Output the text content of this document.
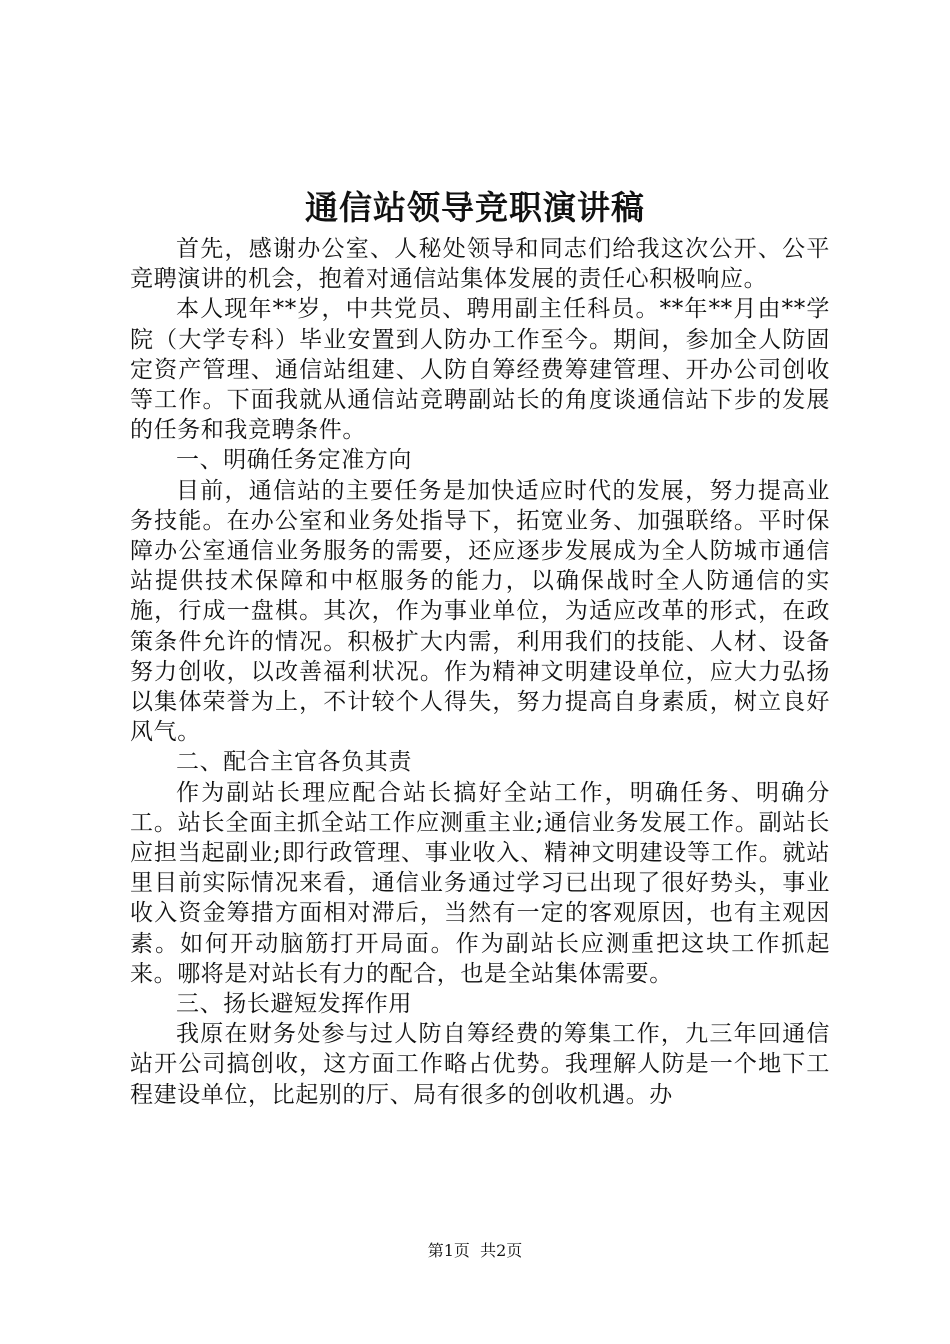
通信站领导竞职演讲稿

首先，感谢办公室、人秘处领导和同志们给我这次公开、公平竞聘演讲的机会，抱着对通信站集体发展的责任心积极响应。

本人现年**岁，中共党员、聘用副主任科员。**年**月由**学院（大学专科）毕业安置到人防办工作至今。期间，参加全人防固定资产管理、通信站组建、人防自筹经费筹建管理、开办公司创收等工作。下面我就从通信站竞聘副站长的角度谈通信站下步的发展的任务和我竞聘条件。

一、明确任务定准方向

目前，通信站的主要任务是加快适应时代的发展，努力提高业务技能。在办公室和业务处指导下，拓宽业务、加强联络。平时保障办公室通信业务服务的需要，还应逐步发展成为全人防城市通信站提供技术保障和中枢服务的能力，以确保战时全人防通信的实施，行成一盘棋。其次，作为事业单位，为适应改革的形式，在政策条件允许的情况。积极扩大内需，利用我们的技能、人材、设备努力创收，以改善福利状况。作为精神文明建设单位，应大力弘扬以集体荣誉为上，不计较个人得失，努力提高自身素质，树立良好风气。

二、配合主官各负其责

作为副站长理应配合站长搞好全站工作，明确任务、明确分工。站长全面主抓全站工作应测重主业;通信业务发展工作。副站长应担当起副业;即行政管理、事业收入、精神文明建设等工作。就站里目前实际情况来看，通信业务通过学习已出现了很好势头，事业收入资金筹措方面相对滞后，当然有一定的客观原因，也有主观因素。如何开动脑筋打开局面。作为副站长应测重把这块工作抓起来。哪将是对站长有力的配合，也是全站集体需要。

三、扬长避短发挥作用

我原在财务处参与过人防自筹经费的筹集工作，九三年回通信站开公司搞创收，这方面工作略占优势。我理解人防是一个地下工程建设单位，比起别的厅、局有很多的创收机遇。办

第1页  共2页
